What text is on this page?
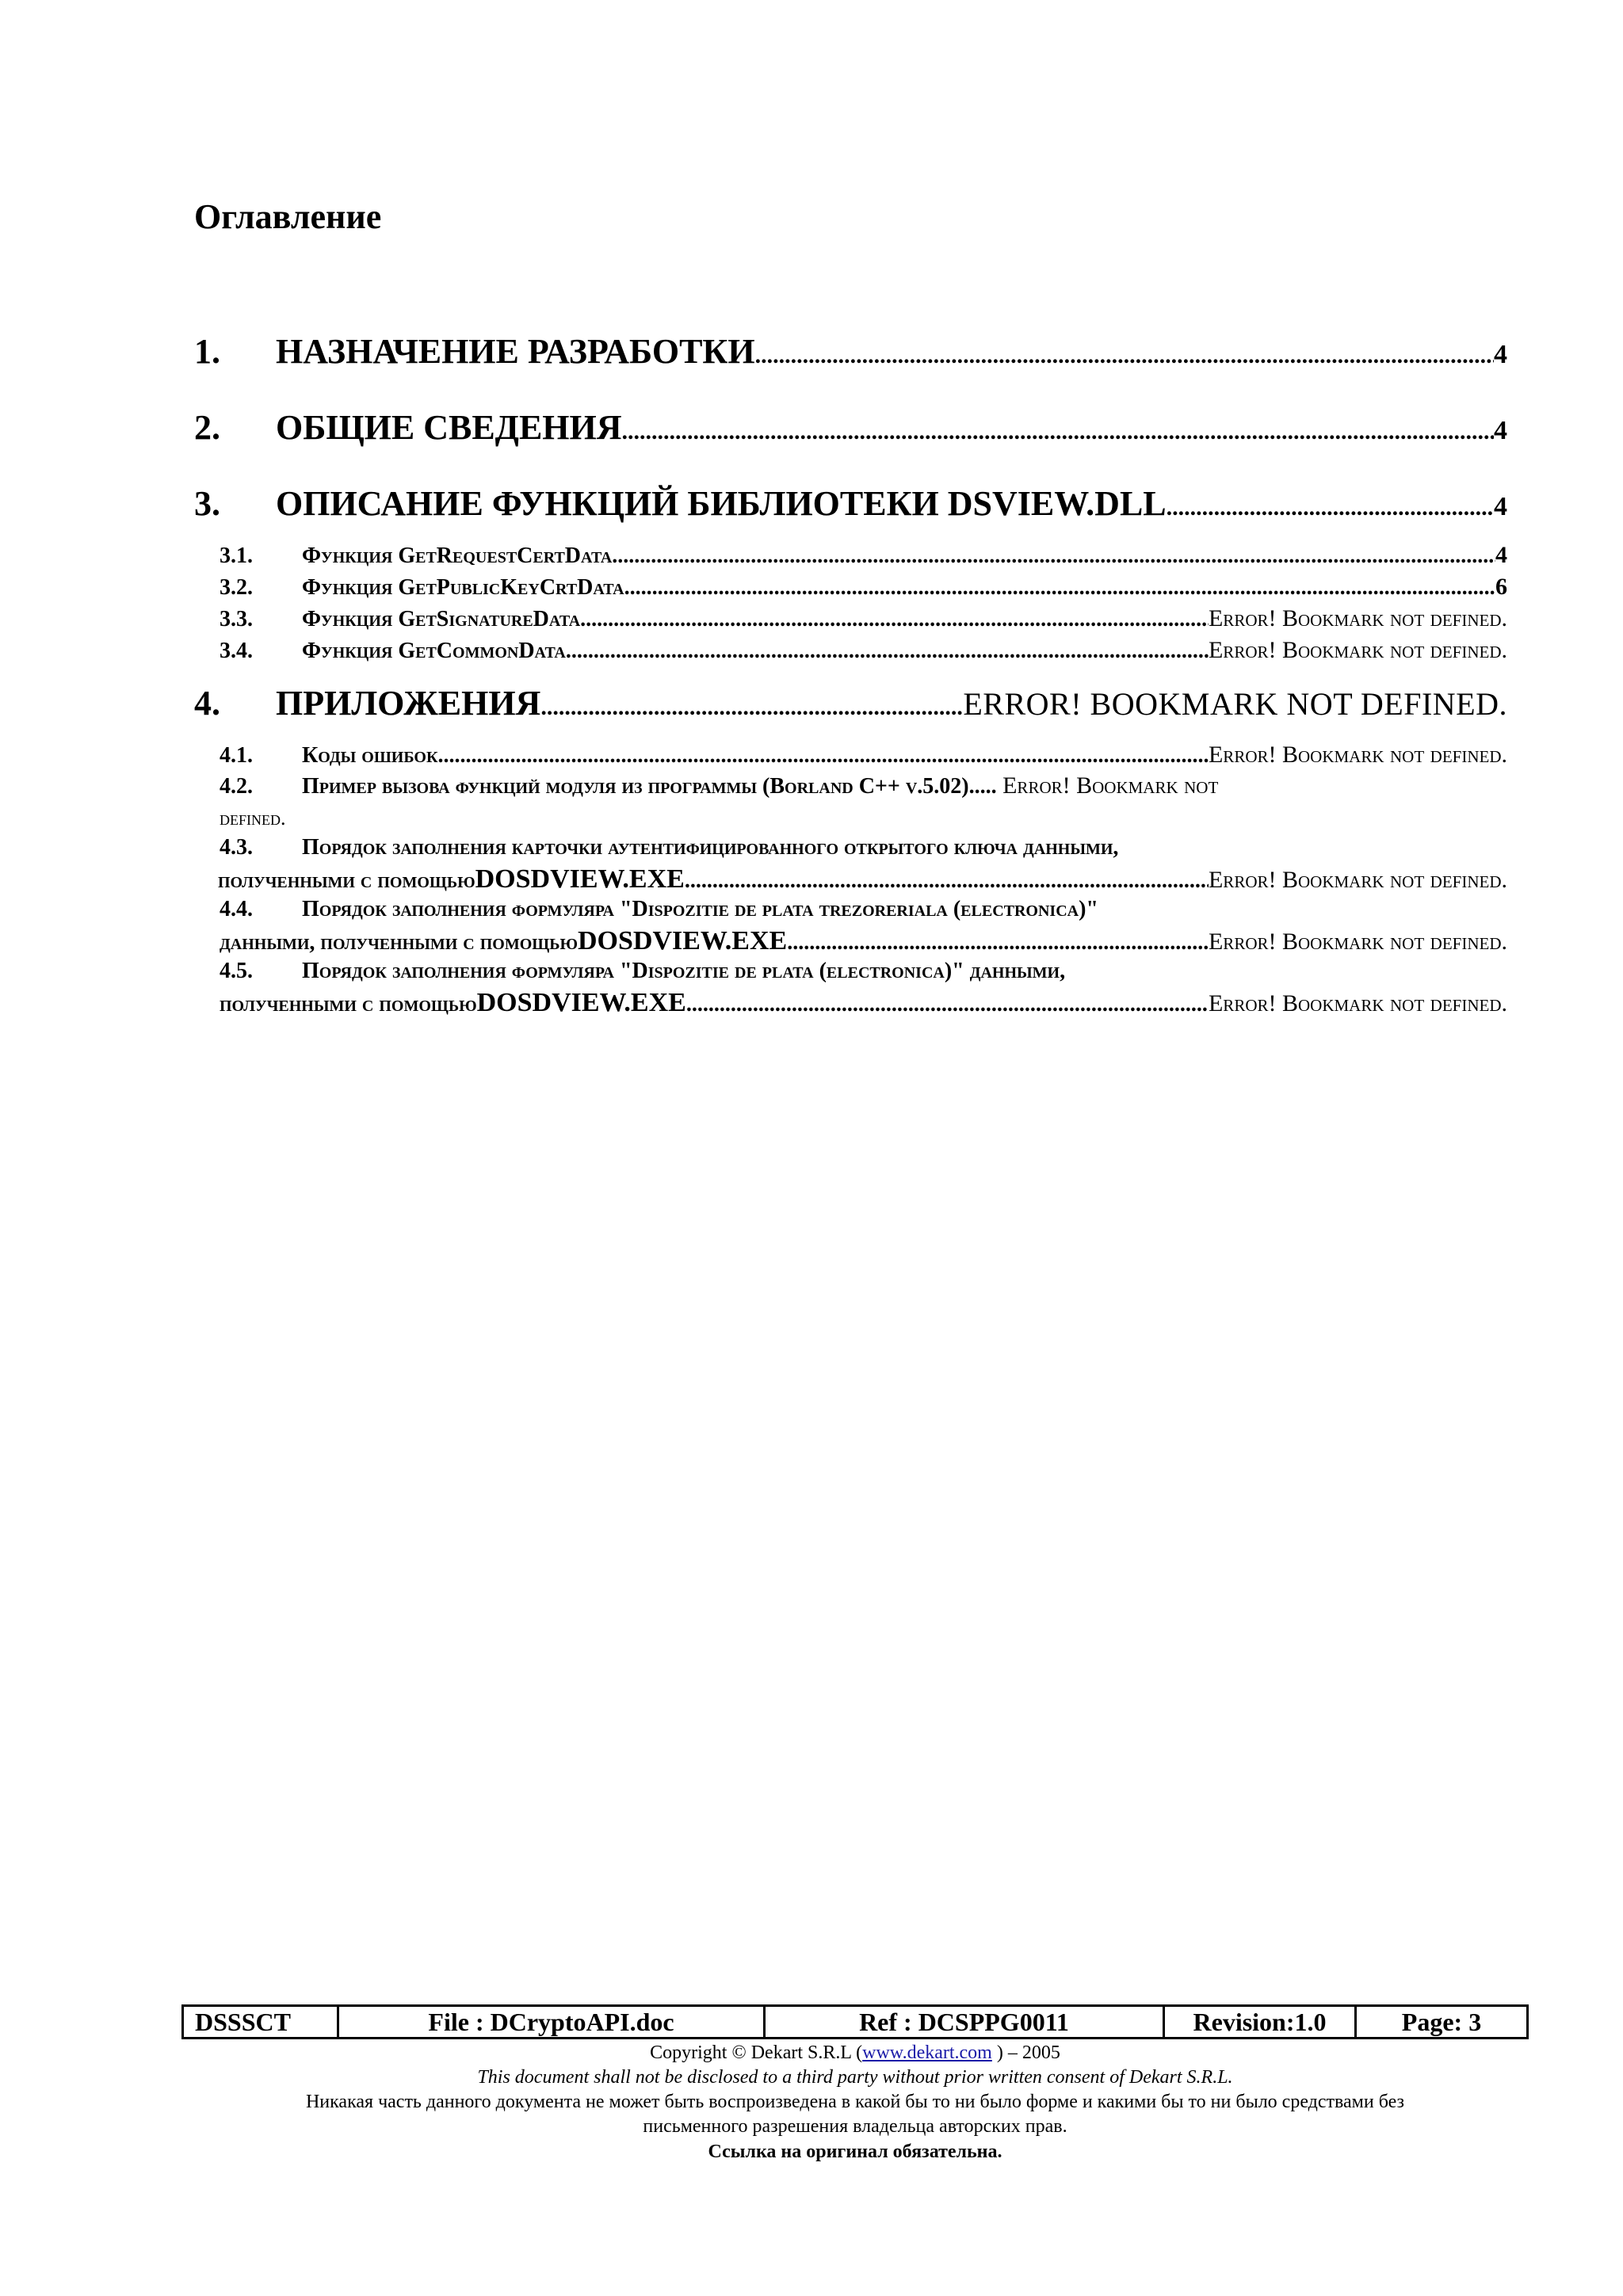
Оглавление
1.	НАЗНАЧЕНИЕ РАЗРАБОТКИ .....	4
2.	ОБЩИЕ СВЕДЕНИЯ .....	4
3.	ОПИСАНИЕ ФУНКЦИЙ БИБЛИОТЕКИ DSVIEW.DLL .....	4
3.1.	Функция GetRequestCertData .....	4
3.2.	Функция GetPublicKeyCrtData .....	6
3.3.	Функция GetSignatureData .....	Error! Bookmark not defined.
3.4.	Функция GetCommonData .....	Error! Bookmark not defined.
4.	ПРИЛОЖЕНИЯ .....	ERROR! BOOKMARK NOT DEFINED.
4.1.	Коды ошибок .....	Error! Bookmark not defined.
4.2. Пример вызова функций модуля из программы (Borland C++ v.5.02)..... Error! Bookmark not
defined.
4.3. Порядок заполнения карточки аутентифицированного открытого ключа данными,
полученными с помощью DOSDVIEW.EXE .....	Error! Bookmark not defined.
4.4. Порядок заполнения формуляра "Dispozitie de plata trezoreriala (electronica)"
данными, полученными с помощью DOSDVIEW.EXE .....	Error! Bookmark not defined.
4.5. Порядок заполнения формуляра "Dispozitie de plata (electronica)" данными,
полученными с помощью DOSDVIEW.EXE .....	Error! Bookmark not defined.
DSSSCT	File : DCryptoAPI.doc	Ref : DCSPPG0011	Revision:1.0	Page: 3
Copyright © Dekart S.R.L (www.dekart.com ) – 2005
This document shall not be disclosed to a third party without prior written consent of Dekart S.R.L.
Никакая часть данного документа не может быть воспроизведена в какой бы то ни было форме и какими бы то ни было средствами без
письменного разрешения владельца авторских прав.
Ссылка на оригинал обязательна.
